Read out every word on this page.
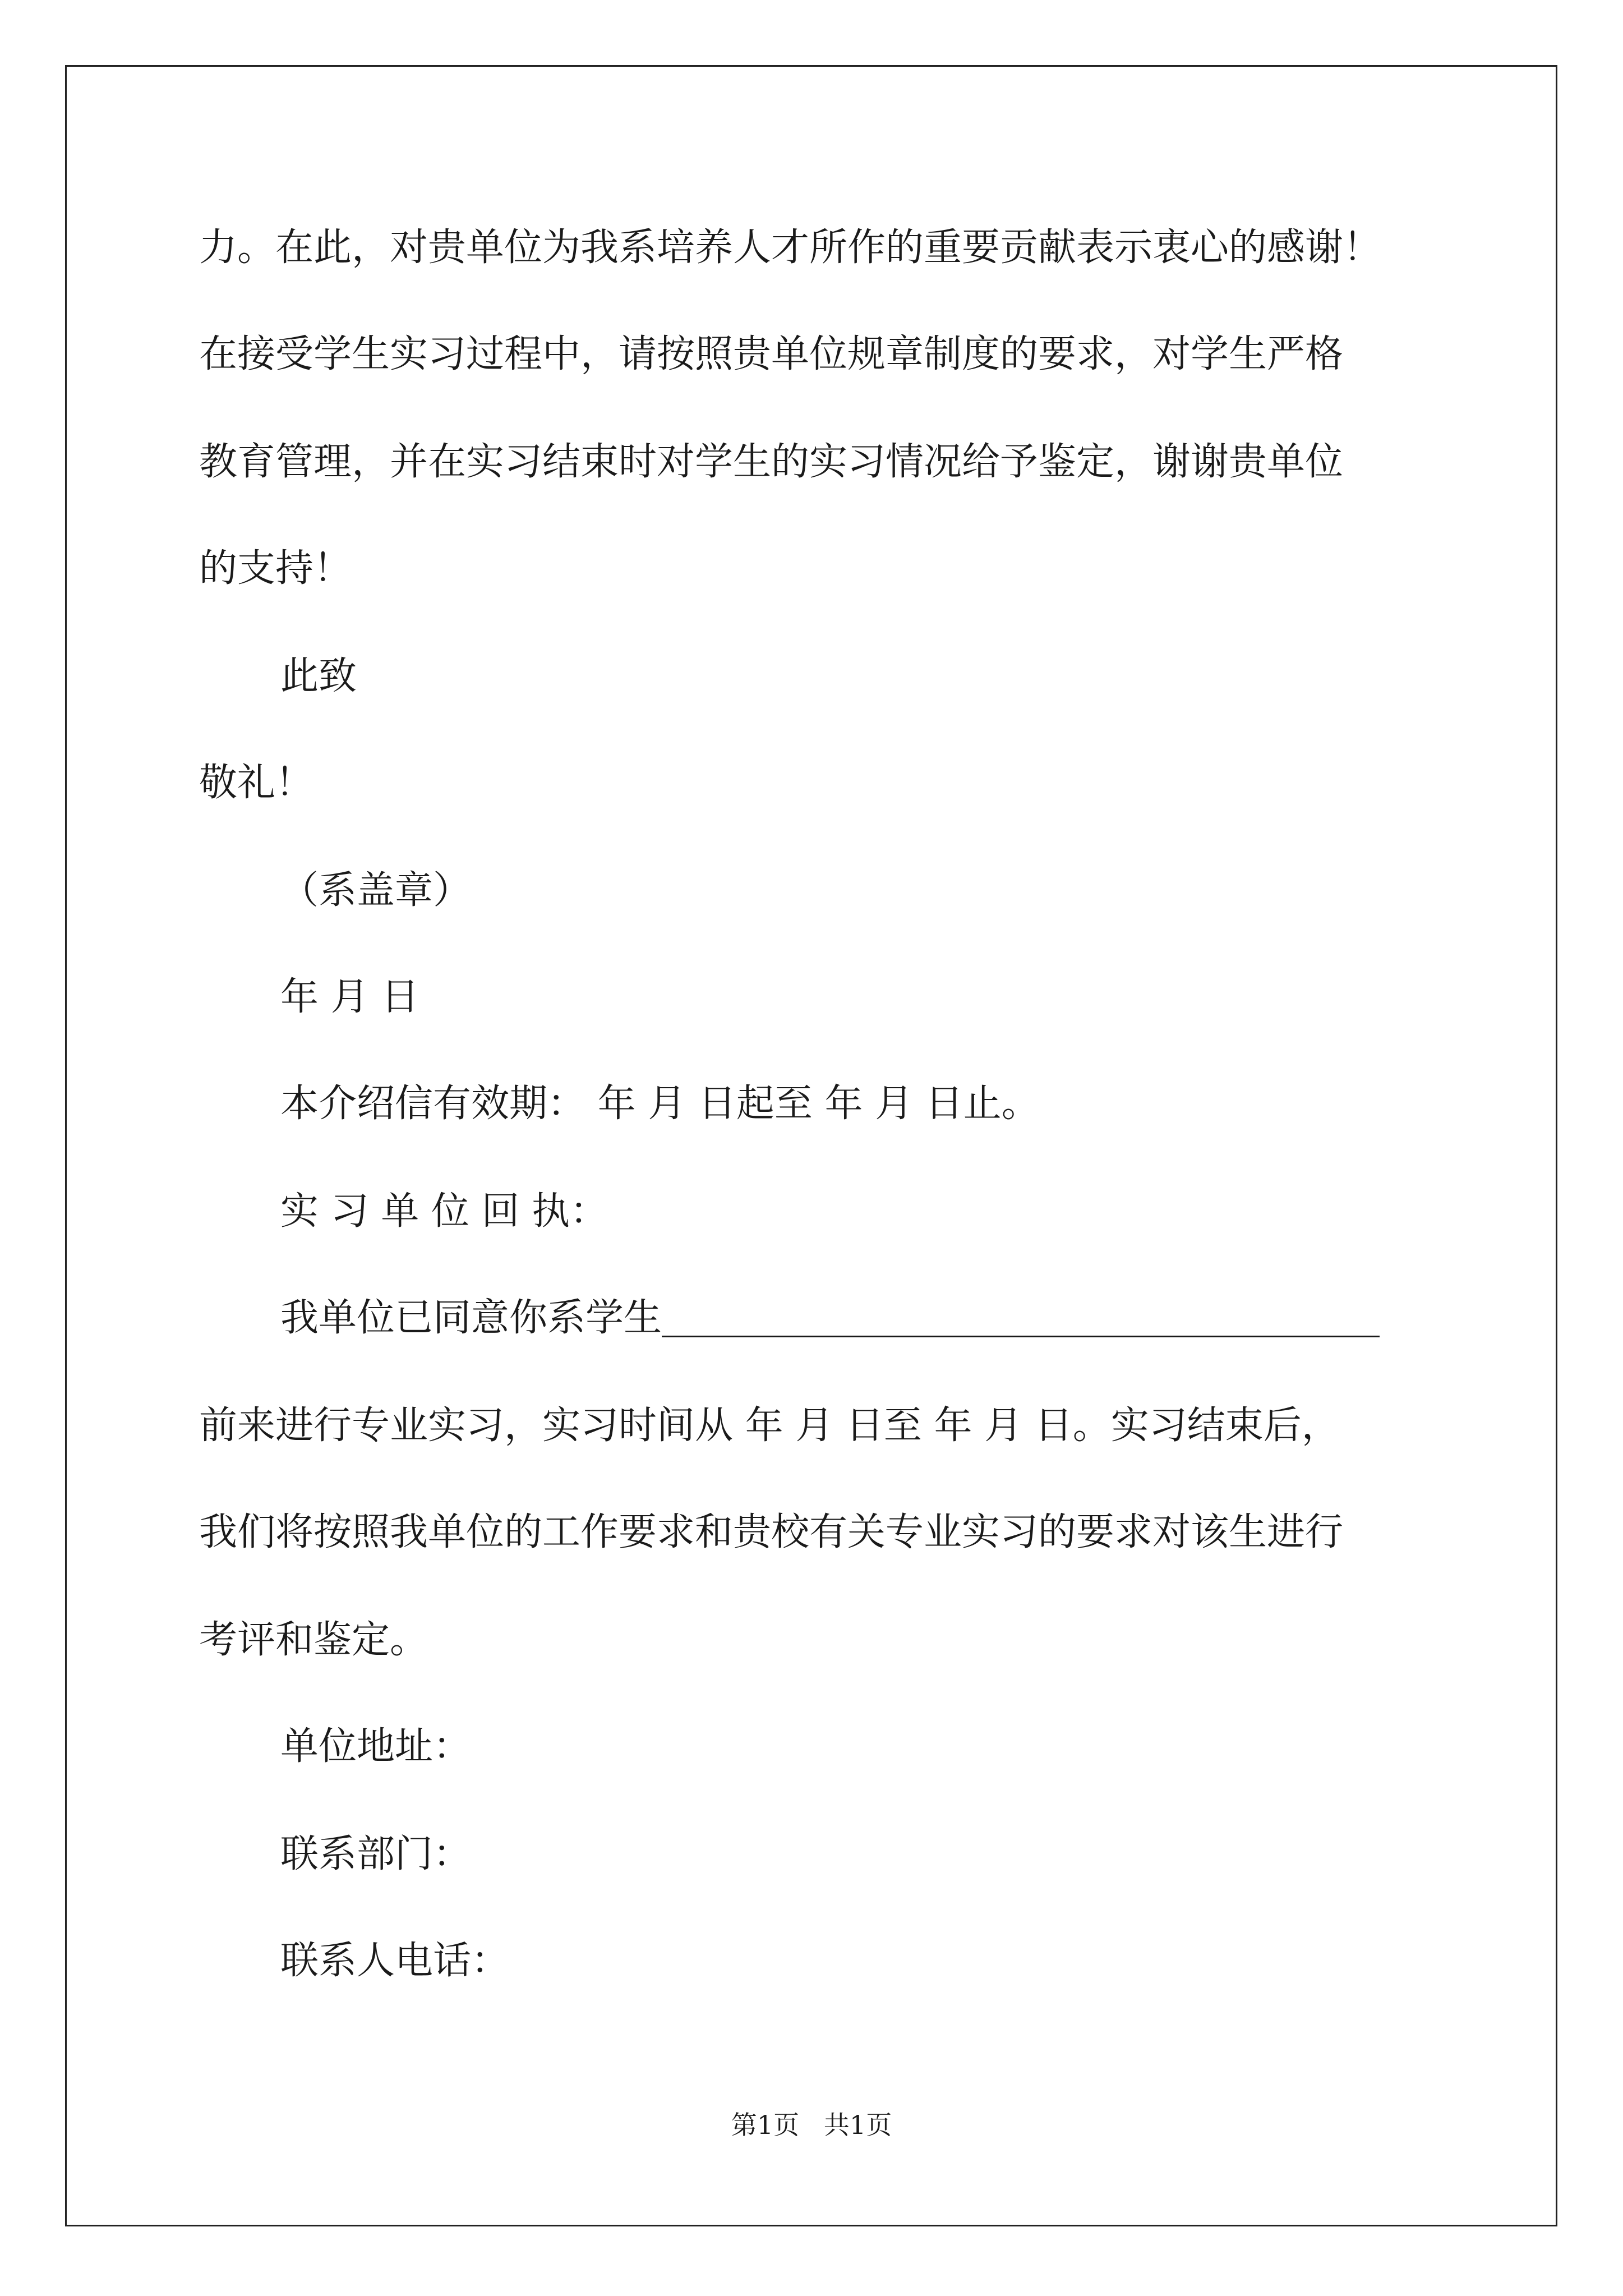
力。在此，对贵单位为我系培养人才所作的重要贡献表示衷心的感谢！
在接受学生实习过程中，请按照贵单位规章制度的要求，对学生严格
教育管理，并在实习结束时对学生的实习情况给予鉴定，谢谢贵单位
的支持！
此致
敬礼！
（系盖章）
年 月 日
本介绍信有效期： 年 月 日起至 年 月 日止。
实 习 单 位 回 执：
我单位已同意你系学生
前来进行专业实习，实习时间从 年 月 日至 年 月 日。实习结束后，
我们将按照我单位的工作要求和贵校有关专业实习的要求对该生进行
考评和鉴定。
单位地址：
联系部门：
联系人电话：
第1页   共1页
